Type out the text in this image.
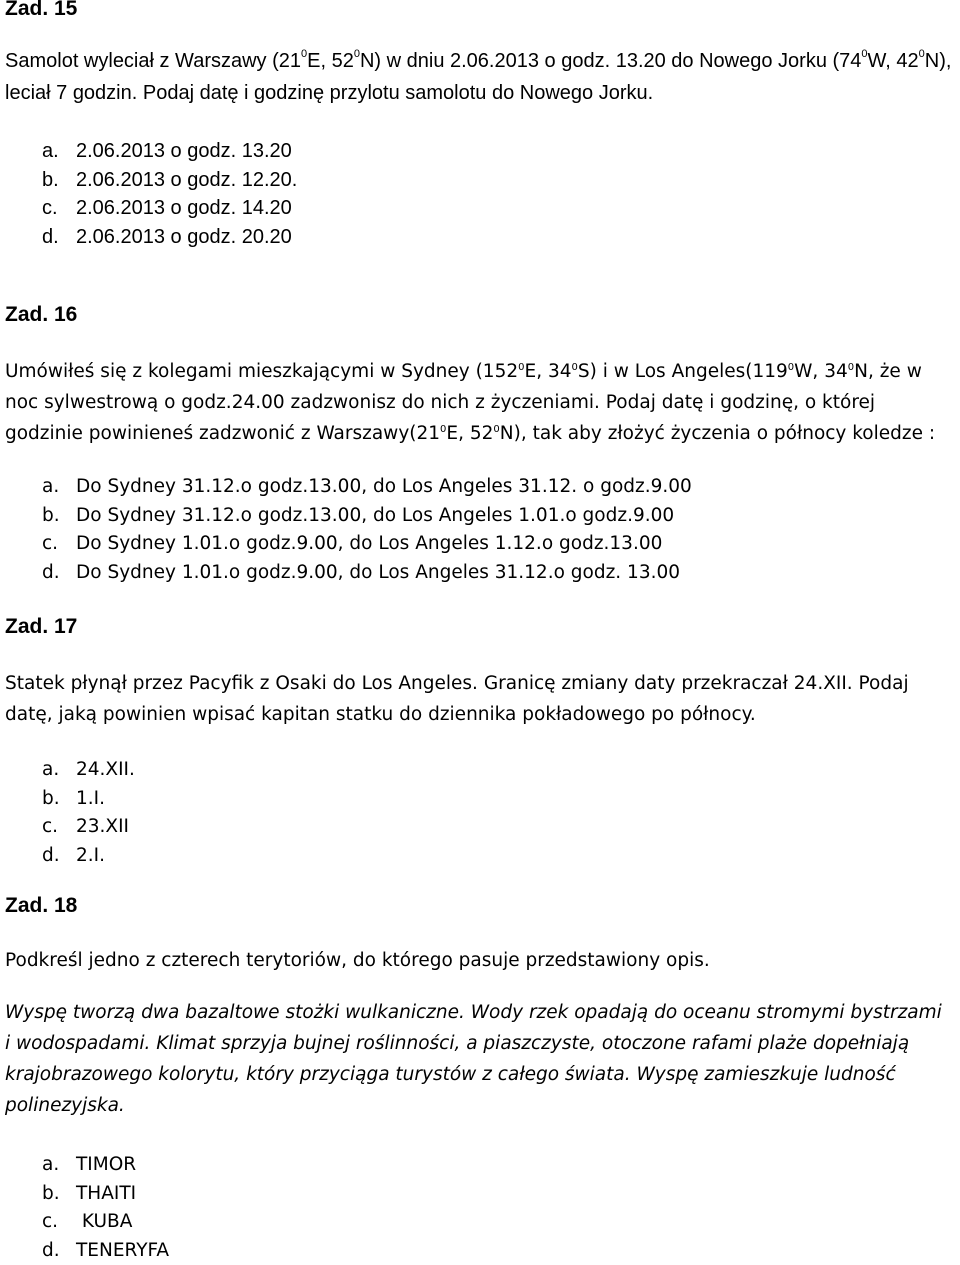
Zad. 15
Samolot wyleciał z Warszawy ($21^0E$, $52^0N$) w dniu 2.06.2013 o godz. 13.20 do Nowego Jorku ($74^0W$, $42^0N$), leciał 7 godzin. Podaj datę i godzinę przylotu samolotu do Nowego Jorku.
a. 2.06.2013 o godz. 13.20
b. 2.06.2013 o godz. 12.20.
c. 2.06.2013 o godz. 14.20
d. 2.06.2013 o godz. 20.20
Zad. 16
Umówiłeś się z kolegami mieszkającymi w Sydney ($152^0E$, $34^0S$) i w Los $Angeles(119^0W$, $34^0N$, że w noc sylwestrową o godz.24.00 zadzwonisz do nich z życzeniami. Podaj datę i godzinę, o której godzinie powinieneś zadzwonić z $Warszawy(21^0E$, $52^0N$), tak aby złożyć życzenia o północy koledze :
a. Do Sydney 31.12.o godz.13.00, do Los Angeles 31.12. o godz.9.00
b. Do Sydney 31.12.o godz.13.00, do Los Angeles 1.01.o godz.9.00
c. Do Sydney 1.01.o godz.9.00, do Los Angeles 1.12.o godz.13.00
d. Do Sydney 1.01.o godz.9.00, do Los Angeles 31.12.o godz. 13.00
Zad. 17
Statek płynął przez Pacyfik z Osaki do Los Angeles. Granicę zmiany daty przekraczał 24.XII. Podaj datę, jaką powinien wpisać kapitan statku do dziennika pokładowego po północy.
a. 24.XII.
b. 1.I.
c. 23.XII
d. 2.I.
Zad. 18
Podkreśl jedno z czterech terytoriów, do którego pasuje przedstawiony opis.
Wyspę tworzą dwa bazaltowe stożki wulkaniczne. Wody rzek opadają do oceanu stromymi bystrzami i wodospadami. Klimat sprzyja bujnej roślinności, a piaszczyste, otoczone rafami plaże dopełniają krajobrazowego kolorytu, który przyciąga turystów z całego świata. Wyspę zamieszkuje ludność polinezyjska.
a. TIMOR
b. THAITI
c. KUBA
d. TENERYFA
